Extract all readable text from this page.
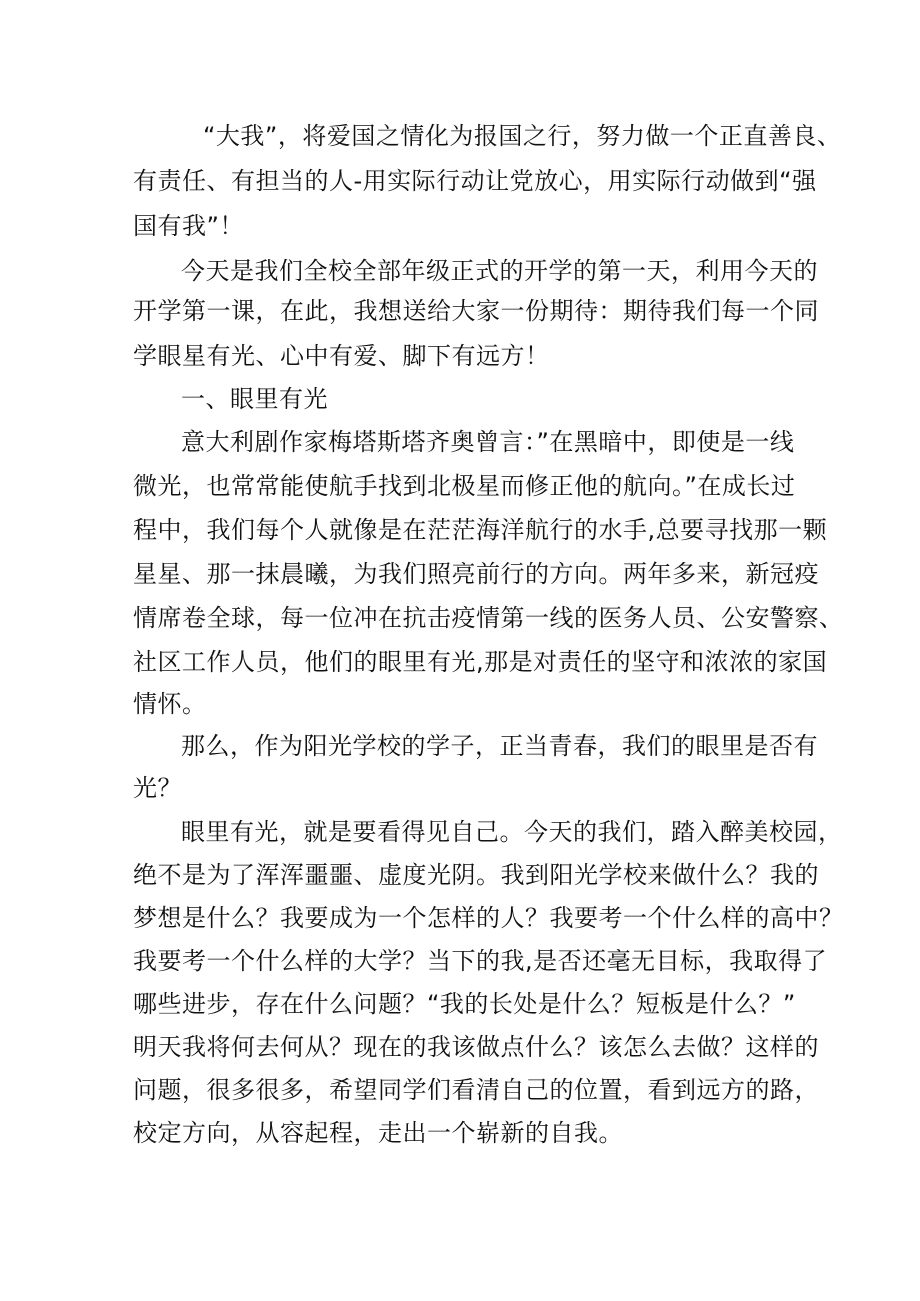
“大我”，将爱国之情化为报国之行，努力做一个正直善良、
有责任、有担当的人-用实际行动让党放心，用实际行动做到“强
国有我”！
今天是我们全校全部年级正式的开学的第一天，利用今天的
开学第一课，在此，我想送给大家一份期待：期待我们每一个同
学眼星有光、心中有爱、脚下有远方！
一、眼里有光
意大利剧作家梅塔斯塔齐奥曾言：”在黑暗中，即使是一线
微光，也常常能使航手找到北极星而修正他的航向。”在成长过
程中，我们每个人就像是在茫茫海洋航行的水手,总要寻找那一颗
星星、那一抹晨曦，为我们照亮前行的方向。两年多来，新冠疫
情席卷全球，每一位冲在抗击疫情第一线的医务人员、公安警察、
社区工作人员，他们的眼里有光,那是对责任的坚守和浓浓的家国
情怀。
那么，作为阳光学校的学子，正当青春，我们的眼里是否有
光？
眼里有光，就是要看得见自己。今天的我们，踏入醉美校园，
绝不是为了浑浑噩噩、虚度光阴。我到阳光学校来做什么？我的
梦想是什么？我要成为一个怎样的人？我要考一个什么样的高中？
我要考一个什么样的大学？当下的我,是否还毫无目标，我取得了
哪些进步，存在什么问题？“我的长处是什么？短板是什么？”
明天我将何去何从？现在的我该做点什么？该怎么去做？这样的
问题，很多很多，希望同学们看清自己的位置，看到远方的路，
校定方向，从容起程，走出一个崭新的自我。
